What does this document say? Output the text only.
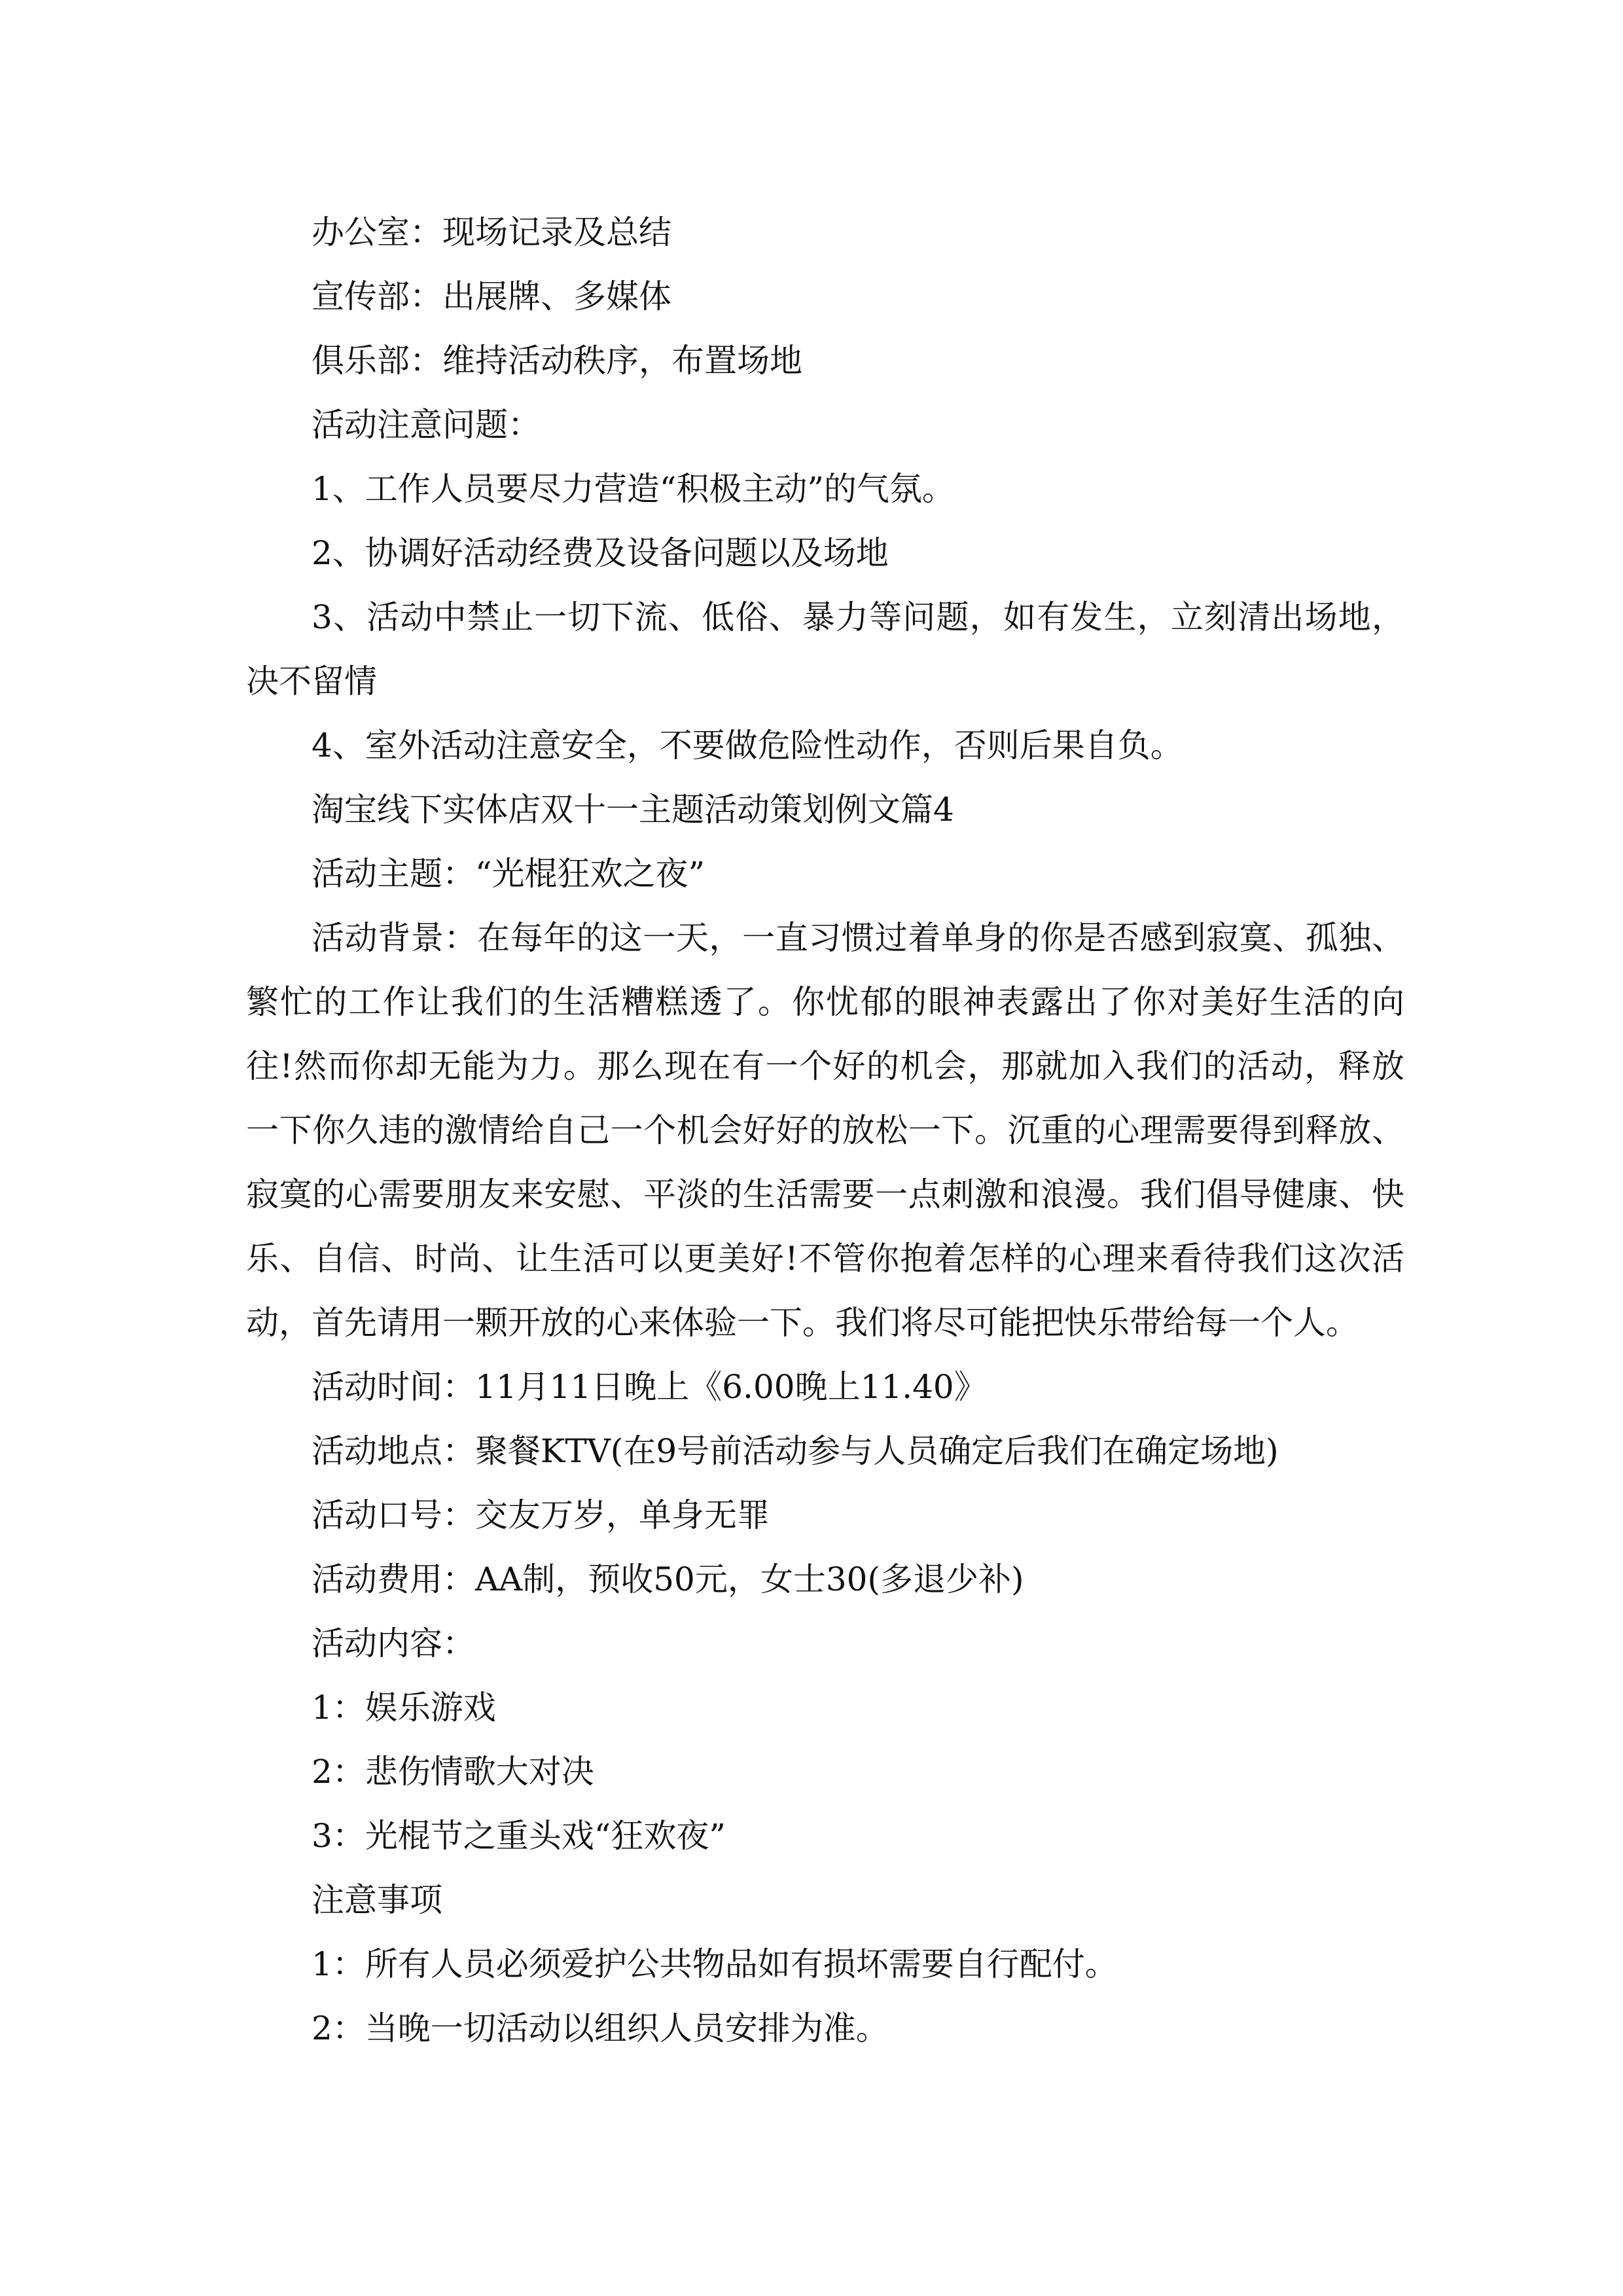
办公室：现场记录及总结

宣传部：出展牌、多媒体

俱乐部：维持活动秩序，布置场地

活动注意问题：

1、工作人员要尽力营造“积极主动”的气氛。

2、协调好活动经费及设备问题以及场地

3、活动中禁止一切下流、低俗、暴力等问题，如有发生，立刻清出场地，决不留情

4、室外活动注意安全，不要做危险性动作，否则后果自负。

淘宝线下实体店双十一主题活动策划例文篇4

活动主题：“光棍狂欢之夜”

活动背景：在每年的这一天，一直习惯过着单身的你是否感到寂寞、孤独、繁忙的工作让我们的生活糟糕透了。你忧郁的眼神表露出了你对美好生活的向往!然而你却无能为力。那么现在有一个好的机会，那就加入我们的活动，释放一下你久违的激情给自己一个机会好好的放松一下。沉重的心理需要得到释放、寂寞的心需要朋友来安慰、平淡的生活需要一点刺激和浪漫。我们倡导健康、快乐、自信、时尚、让生活可以更美好!不管你抱着怎样的心理来看待我们这次活动，首先请用一颗开放的心来体验一下。我们将尽可能把快乐带给每一个人。

活动时间：11月11日晚上《6.00晚上11.40》

活动地点：聚餐KTV(在9号前活动参与人员确定后我们在确定场地)

活动口号：交友万岁，单身无罪

活动费用：AA制，预收50元，女士30(多退少补)

活动内容：

1：娱乐游戏

2：悲伤情歌大对决

3：光棍节之重头戏“狂欢夜”

注意事项

1：所有人员必须爱护公共物品如有损坏需要自行配付。

2：当晚一切活动以组织人员安排为准。
